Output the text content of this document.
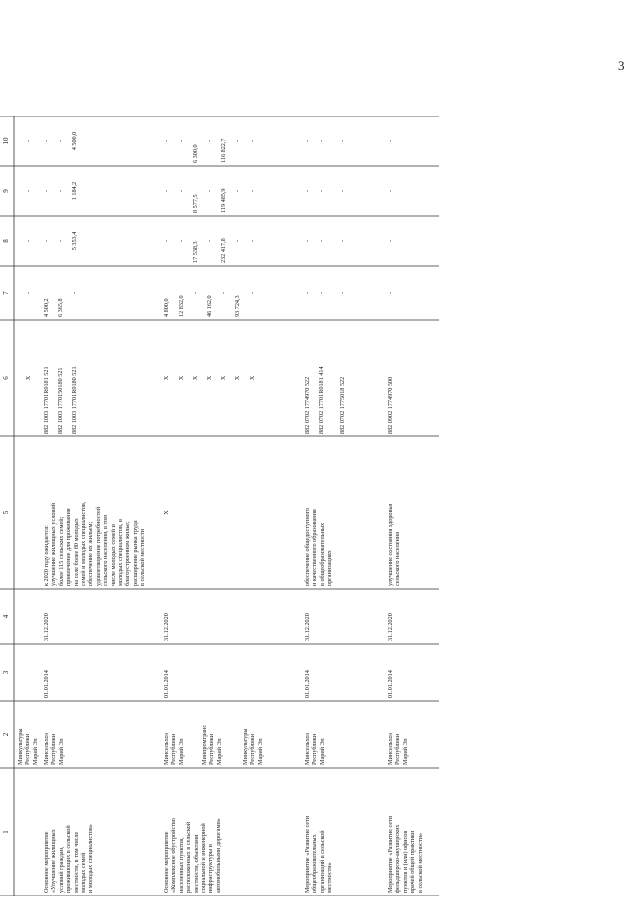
3
1
2
3
4
5
6
7
8
9
10
Основное мероприятие
«Улучшение жилищных
условий граждан,
проживающих в сельской
местности, в том числе
молодых семей
и молодых специалистов»
Минкультуры
Республики
Марий Эл Минсельхоз
Республики
Марий Эл
01.01.2014
31.12.2020
к 2020 году ожидается:
улучшение жилищных условий
более 115 сельских семей;
привлечение для проживания
на селе более 80 молодых
семей и молодых специалистов,
обеспечение их жильем;
удовлетворение потребностей
сельского населения, в том
числе молодых семей и
молодых специалистов, в
благоустроенном жилье;
расширение рынка труда
в сельской местности
X 882 1003 17701R0181 521 882 1003 1770150180 521 882 1003 17701R0180 521
-
4 500,2 6 365,8
-
- - - 5 353,4
- - - 1 184,2
- - - 4 500,0
Основное мероприятие
«Комплексное обустройство
населенных пунктов,
расположенных в сельской
местности, объектами
социальной и инженерной
инфраструктуры и
автомобильными дорогами»
Минсельхоз
Республики
Марий Эл	Минпромтранс
Республики
Марий Эл	Минкультуры
Республики
Марий Эл
01.01.2014
31.12.2020
X
X X X X X X X
4 800,0 12 832,0
-
46 162,0
-
93 724,3
-
- -
17 538,3
- 232 417,8 - -
- -
8 577,5
- 119 485,9 - -
- -
6 300,0
- 116 822,7 - -
Мероприятие «Развитие сети
общеобразовательных
организаций в сельской
местности»
Минсельхоз
Республики
Марий Эл
01.01.2014
31.12.2020
обеспечение общедоступного
и качественного образования
в общеобразовательных
организациях
882 0702 1774970 522 882 0702 17701R0181 414 882 0702 1775018 522
- - -
- - -
- - -
- - -
Мероприятие «Развитие сети
фельдшерско-акушерских
пунктов и (или) офисов
врачей общей практики
в сельской местности»
Минсельхоз
Республики
Марий Эл
01.01.2014
31.12.2020
улучшение состояния здоровья
сельского населения
882 0902 1774970 500
-
-
-
-
